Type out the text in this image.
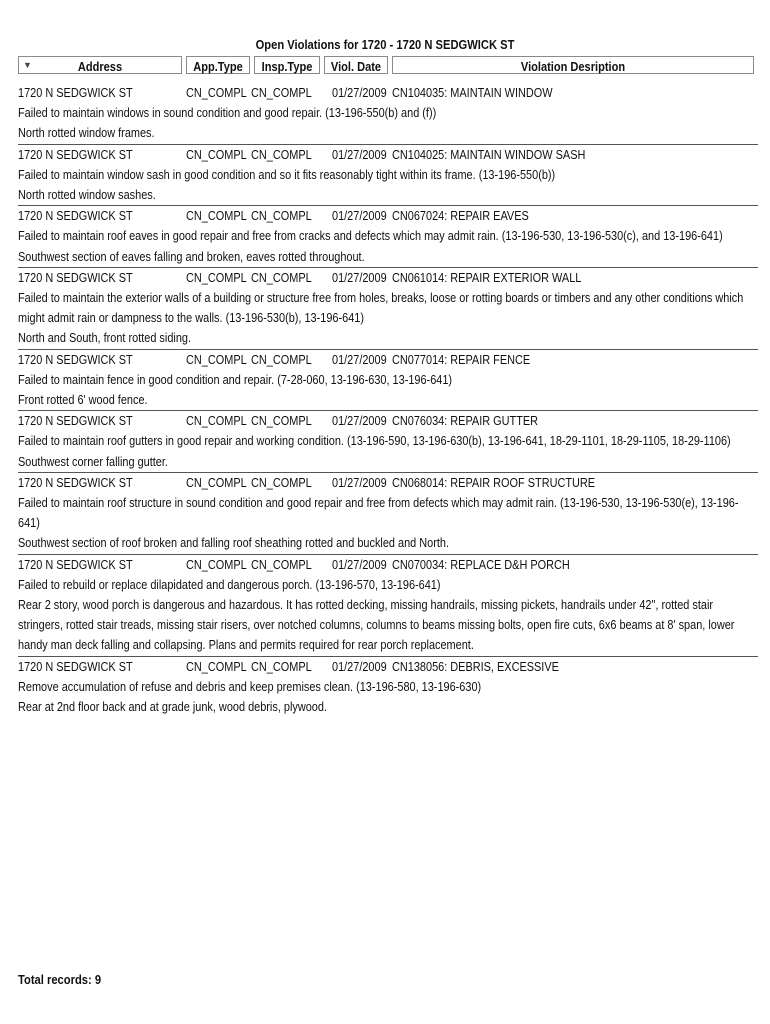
Open Violations for 1720 - 1720 N SEDGWICK ST
▼	Address	App.Type Insp.Type Viol. Date	Violation Desription
1720 N SEDGWICK ST	CN_COMPL CN_COMPL 01/27/2009 CN104035: MAINTAIN WINDOW
Failed to maintain windows in sound condition and good repair. (13-196-550(b) and (f))
North rotted window frames.
1720 N SEDGWICK ST	CN_COMPL CN_COMPL 01/27/2009 CN104025: MAINTAIN WINDOW SASH
Failed to maintain window sash in good condition and so it fits reasonably tight within its frame. (13-196-550(b))
North rotted window sashes.
1720 N SEDGWICK ST	CN_COMPL CN_COMPL 01/27/2009 CN067024: REPAIR EAVES
Failed to maintain roof eaves in good repair and free from cracks and defects which may admit rain. (13-196-530, 13-196-530(c), and 13-196-641)
Southwest section of eaves falling and broken, eaves rotted throughout.
1720 N SEDGWICK ST	CN_COMPL CN_COMPL 01/27/2009 CN061014: REPAIR EXTERIOR WALL
Failed to maintain the exterior walls of a building or structure free from holes, breaks, loose or rotting boards or timbers and any other conditions which might admit rain or dampness to the walls. (13-196-530(b), 13-196-641)
North and South, front rotted siding.
1720 N SEDGWICK ST	CN_COMPL CN_COMPL 01/27/2009 CN077014: REPAIR FENCE
Failed to maintain fence in good condition and repair. (7-28-060, 13-196-630, 13-196-641)
Front rotted 6' wood fence.
1720 N SEDGWICK ST	CN_COMPL CN_COMPL 01/27/2009 CN076034: REPAIR GUTTER
Failed to maintain roof gutters in good repair and working condition. (13-196-590, 13-196-630(b), 13-196-641, 18-29-1101, 18-29-1105, 18-29-1106)
Southwest corner falling gutter.
1720 N SEDGWICK ST	CN_COMPL CN_COMPL 01/27/2009 CN068014: REPAIR ROOF STRUCTURE
Failed to maintain roof structure in sound condition and good repair and free from defects which may admit rain. (13-196-530, 13-196-530(e), 13-196-641)
Southwest section of roof broken and falling roof sheathing rotted and buckled and North.
1720 N SEDGWICK ST	CN_COMPL CN_COMPL 01/27/2009 CN070034: REPLACE D&H PORCH
Failed to rebuild or replace dilapidated and dangerous porch. (13-196-570, 13-196-641)
Rear 2 story, wood porch is dangerous and hazardous. It has rotted decking, missing handrails, missing pickets, handrails under 42", rotted stair stringers, rotted stair treads, missing stair risers, over notched columns, columns to beams missing bolts, open fire cuts, 6x6 beams at 8' span, lower handy man deck falling and collapsing. Plans and permits required for rear porch replacement.
1720 N SEDGWICK ST	CN_COMPL CN_COMPL 01/27/2009 CN138056: DEBRIS, EXCESSIVE
Remove accumulation of refuse and debris and keep premises clean. (13-196-580, 13-196-630)
Rear at 2nd floor back and at grade junk, wood debris, plywood.
Total records: 9
